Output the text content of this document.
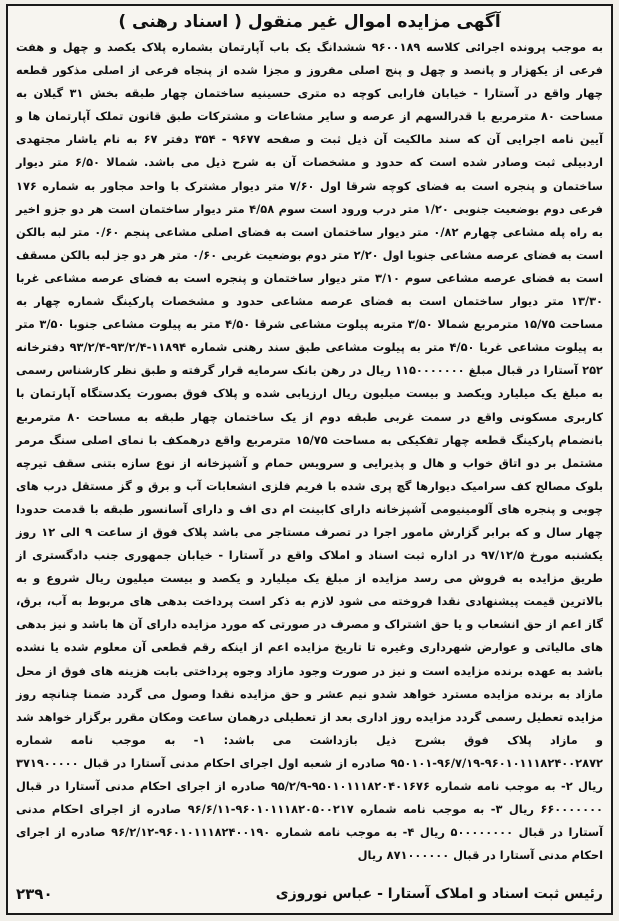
آگهی مزایده اموال غیر منقول ( اسناد رهنی )

به موجب پرونده اجرائی کلاسه ۹۶۰۰۱۸۹ ششدانگ یک باب آپارتمان بشماره پلاک یکصد و چهل و هفت فرعی از یکهزار و پانصد و چهل و پنج اصلی مفروز و مجزا شده از پنجاه فرعی از اصلی مذکور قطعه چهار واقع در آستارا - خیابان فارابی کوچه ده متری حسینیه ساختمان چهار طبقه بخش ۳۱ گیلان به مساحت ۸۰ مترمربع با قدرالسهم از عرصه و سایر مشاعات و مشترکات طبق قانون تملک آپارتمان ها و آیین نامه اجرایی آن که سند مالکیت آن ذیل ثبت و صفحه ۹۶۷۷ - ۳۵۴ دفتر ۶۷ به نام یاشار مجتهدی اردبیلی ثبت وصادر شده است که حدود و مشخصات آن به شرح ذیل می باشد. شمالا ۶/۵۰ متر دیوار ساختمان و پنجره است به فضای کوچه شرقا اول ۷/۶۰ متر دیوار مشترک با واحد مجاور به شماره ۱۷۶ فرعی دوم بوضعیت جنوبی ۱/۲۰ متر درب ورود است سوم ۴/۵۸ متر دیوار ساختمان است هر دو جزو اخیر به راه پله مشاعی چهارم ۰/۸۲ متر دیوار ساختمان است به فضای اصلی مشاعی پنجم ۰/۶۰ متر لبه بالکن است به فضای عرصه مشاعی جنوبا اول ۲/۲۰ متر دوم بوضعیت غربی ۰/۶۰ متر هر دو جز لبه بالکن مسقف است به فضای عرصه مشاعی سوم ۳/۱۰ متر دیوار ساختمان و پنجره است به فضای عرصه مشاعی غربا ۱۳/۳۰ متر دیوار ساختمان است به فضای عرصه مشاعی حدود و مشخصات پارکینگ شماره چهار به مساحت ۱۵/۷۵ مترمربع شمالا ۳/۵۰ متربه پیلوت مشاعی شرقا ۴/۵۰ متر به پیلوت مشاعی جنوبا ۳/۵۰ متر به پیلوت مشاعی غربا ۴/۵۰ متر به پیلوت مشاعی طبق سند رهنی شماره ۱۱۸۹۴-۹۳/۲/۴-۹۳/۲/۴ دفترخانه ۲۵۲ آستارا در قبال مبلغ ۱۱۵۰۰۰۰۰۰۰ ریال در رهن بانک سرمایه قرار گرفته و طبق نظر کارشناس رسمی به مبلغ یک میلیارد ویکصد و بیست میلیون ریال ارزیابی شده و پلاک فوق بصورت یکدستگاه آپارتمان با کاربری مسکونی واقع در سمت غربی طبقه دوم از یک ساختمان چهار طبقه به مساحت ۸۰ مترمربع بانضمام پارکینگ قطعه چهار تفکیکی به مساحت ۱۵/۷۵ مترمربع واقع درهمکف با نمای اصلی سنگ مرمر مشتمل بر دو اتاق خواب و هال و پذیرایی و سرویس حمام و آشپزخانه از نوع سازه بتنی سقف تیرچه بلوک مصالح کف سرامیک دیوارها گچ پری شده با فریم فلزی انشعابات آب و برق و گز مستقل درب های چوبی و پنجره های آلومینیومی آشپزخانه دارای کابینت ام دی اف و دارای آسانسور طبقه با قدمت حدودا چهار سال و که برابر گزارش مامور اجرا در تصرف مستاجر می باشد پلاک فوق از ساعت ۹ الی ۱۲ روز یکشنبه مورخ ۹۷/۱۲/۵ در اداره ثبت اسناد و املاک واقع در آستارا - خیابان جمهوری جنب دادگستری از طریق مزایده به فروش می رسد مزایده از مبلغ یک میلیارد و یکصد و بیست میلیون ریال شروع و به بالاترین قیمت پیشنهادی نقدا فروخته می شود لازم به ذکر است پرداخت بدهی های مربوط به آب، برق، گاز اعم از حق انشعاب و یا حق اشتراک و مصرف در صورتی که مورد مزایده دارای آن ها باشد و نیز بدهی های مالیاتی و عوارض شهرداری وغیره تا تاریخ مزایده اعم از اینکه رقم قطعی آن معلوم شده یا نشده باشد به عهده برنده مزایده است و نیز در صورت وجود مازاد وجوه پرداختی بابت هزینه های فوق از محل مازاد به برنده مزایده مسترد خواهد شدو نیم عشر و حق مزایده نقدا وصول می گردد ضمنا چنانچه روز مزایده تعطیل رسمی گردد مزایده روز اداری بعد از تعطیلی درهمان ساعت ومکان مقرر برگزار خواهد شد و مازاد پلاک فوق بشرح ذیل بازداشت می باشد: ۱- به موجب نامه شماره ۹۶۰۱۰۱۱۱۸۲۴۰۰۲۸۷۲-۹۶/۷/۱۹-۹۵۰۱۰۱ صادره از شعبه اول اجرای احکام مدنی آستارا در قبال ۳۷۱۹۰۰۰۰۰ ریال ۲- به موجب نامه شماره ۹۵۰۱۰۱۱۱۸۲۰۴۰۱۶۷۶-۹۵/۲/۹ صادره از اجرای احکام مدنی آستارا در قبال ۶۶۰۰۰۰۰۰۰ ریال ۳- به موجب نامه شماره ۹۶۰۱۰۱۱۱۸۲۰۵۰۰۲۱۷-۹۶/۶/۱۱ صادره از اجرای احکام مدنی آستارا در قبال ۵۰۰۰۰۰۰۰۰ ریال ۴- به موجب نامه شماره ۹۶۰۱۰۱۱۱۸۲۴۰۰۱۹۰-۹۶/۲/۱۲ صادره از اجرای احکام مدنی آستارا در قبال ۸۷۱۰۰۰۰۰۰ ریال

رئیس ثبت اسناد و املاک آستارا - عباس نوروزی
۲۳۹۰
